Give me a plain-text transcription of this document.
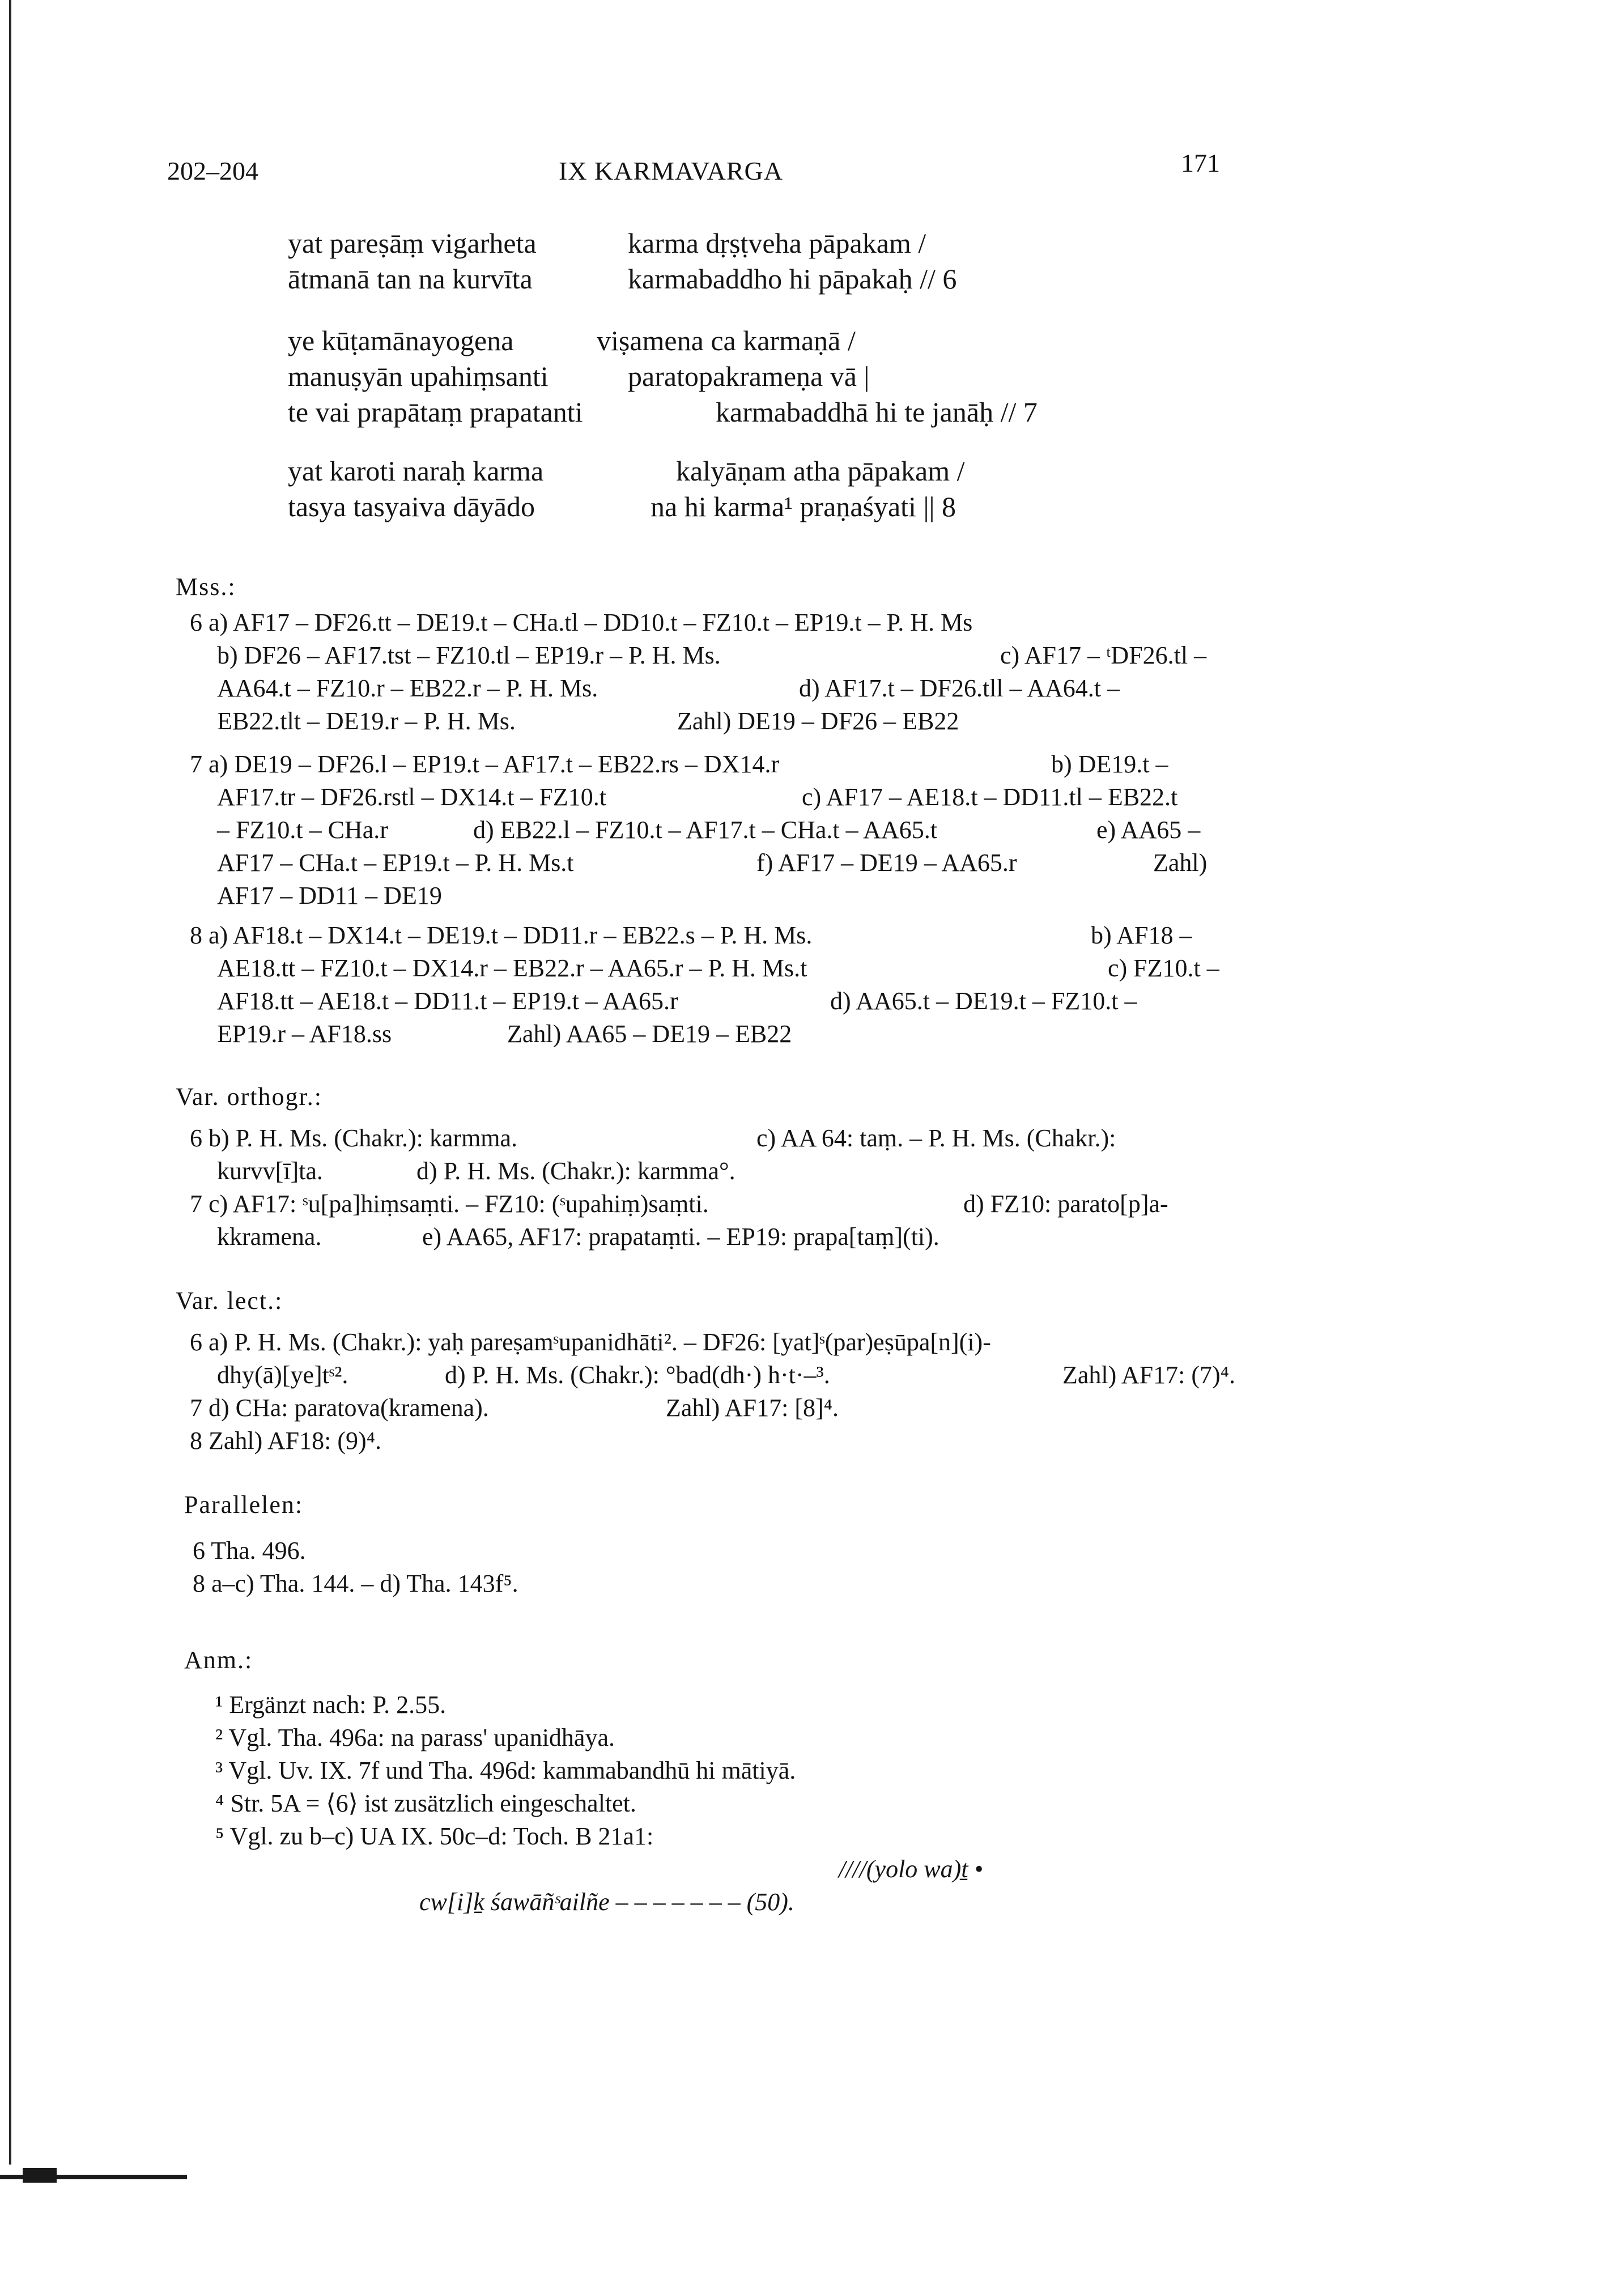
202–204	IX KARMAVARGA	171
yat pareṣāṃ vigarheta	karma dṛṣṭveha pāpakam /
ātmanā tan na kurvīta	karmabaddho hi pāpakaḥ // 6
ye kūṭamānayogena	viṣamena ca karmaṇā /
manuṣyān upahiṃsanti	paratopakrameṇa vā |
te vai prapātaṃ prapatanti	karmabaddhā hi te janāḥ // 7
yat karoti naraḥ karma	kalyāṇam atha pāpakam /
tasya tasyaiva dāyādo	na hi karma¹ praṇaśyati || 8
Mss.:
6 a) AF17 – DF26.tt – DE19.t – CHa.tl – DD10.t – FZ10.t – EP19.t – P. H. Ms
b) DF26 – AF17.tst – FZ10.tl – EP19.r – P. H. Ms.	c) AF17 – ᵗDF26.tl –
AA64.t – FZ10.r – EB22.r – P. H. Ms.	d) AF17.t – DF26.tll – AA64.t –
EB22.tlt – DE19.r – P. H. Ms.	Zahl) DE19 – DF26 – EB22
7 a) DE19 – DF26.l – EP19.t – AF17.t – EB22.rs – DX14.r	b) DE19.t –
AF17.tr – DF26.rstl – DX14.t – FZ10.t	c) AF17 – AE18.t – DD11.tl – EB22.t
– FZ10.t – CHa.r	d) EB22.l – FZ10.t – AF17.t – CHa.t – AA65.t	e) AA65 –
AF17 – CHa.t – EP19.t – P. H. Ms.t	f) AF17 – DE19 – AA65.r	Zahl)
AF17 – DD11 – DE19
8 a) AF18.t – DX14.t – DE19.t – DD11.r – EB22.s – P. H. Ms.	b) AF18 –
AE18.tt – FZ10.t – DX14.r – EB22.r – AA65.r – P. H. Ms.t	c) FZ10.t –
AF18.tt – AE18.t – DD11.t – EP19.t – AA65.r	d) AA65.t – DE19.t – FZ10.t –
EP19.r – AF18.ss	Zahl) AA65 – DE19 – EB22
Var. orthogr.:
6 b) P. H. Ms. (Chakr.): karmma.	c) AA 64: taṃ. – P. H. Ms. (Chakr.):
kurvv[ī]ta.	d) P. H. Ms. (Chakr.): karmma°.
7 c) AF17: ˢu[pa]hiṃsaṃti. – FZ10: (ˢupahiṃ)saṃti.	d) FZ10: parato[p]a-
kkramena.	e) AA65, AF17: prapataṃti. – EP19: prapa[taṃ](ti).
Var. lect.:
6 a) P. H. Ms. (Chakr.): yaḥ pareṣamˢupanidhāti². – DF26: [yat]ˢ(par)eṣūpa[n](i)-
dhy(ā)[ye]tˢ².	d) P. H. Ms. (Chakr.): °bad(dh·) h·t·–³.	Zahl) AF17: (7)⁴.
7 d) CHa: paratova(kramena).	Zahl) AF17: [8]⁴.
8 Zahl) AF18: (9)⁴.
Parallelen:
6 Tha. 496.
8 a–c) Tha. 144. – d) Tha. 143f⁵.
Anm.:
¹ Ergänzt nach: P. 2.55.
² Vgl. Tha. 496a: na parass' upanidhāya.
³ Vgl. Uv. IX. 7f und Tha. 496d: kammabandhū hi mātiyā.
⁴ Str. 5A = ⟨6⟩ ist zusätzlich eingeschaltet.
⁵ Vgl. zu b–c) UA IX. 50c–d: Toch. B 21a1:
////(yolo wa)ṯ •
cw[i]ḵ śawāñˢailñe – – – – – – – (50).
